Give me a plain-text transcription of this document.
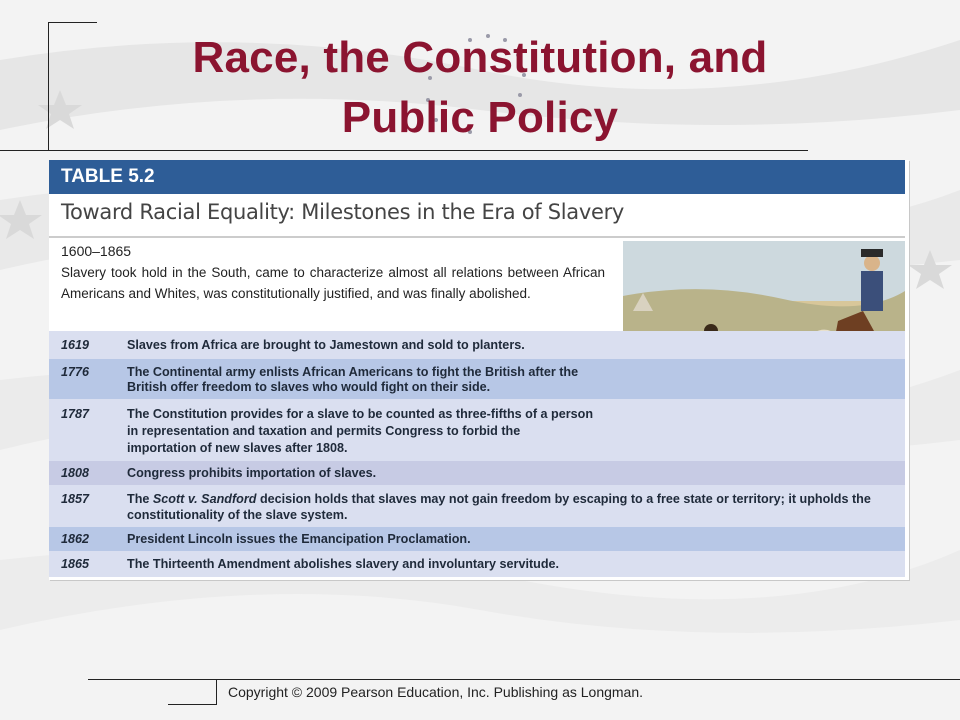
Race, the Constitution, and
Public Policy
TABLE 5.2
Toward Racial Equality: Milestones in the Era of Slavery
1600–1865
Slavery took hold in the South, came to characterize almost all relations between African Americans and Whites, was constitutionally justified, and was finally abolished.
1619	Slaves from Africa are brought to Jamestown and sold to planters.
1776	The Continental army enlists African Americans to fight the British after the
British offer freedom to slaves who would fight on their side.
1787	The Constitution provides for a slave to be counted as three-fifths of a person
in representation and taxation and permits Congress to forbid the
importation of new slaves after 1808.
1808	Congress prohibits importation of slaves.
1857	The Scott v. Sandford decision holds that slaves may not gain freedom by escaping to a free state or territory; it upholds the
constitutionality of the slave system.
1862	President Lincoln issues the Emancipation Proclamation.
1865	The Thirteenth Amendment abolishes slavery and involuntary servitude.
Copyright © 2009 Pearson Education, Inc. Publishing as Longman.
